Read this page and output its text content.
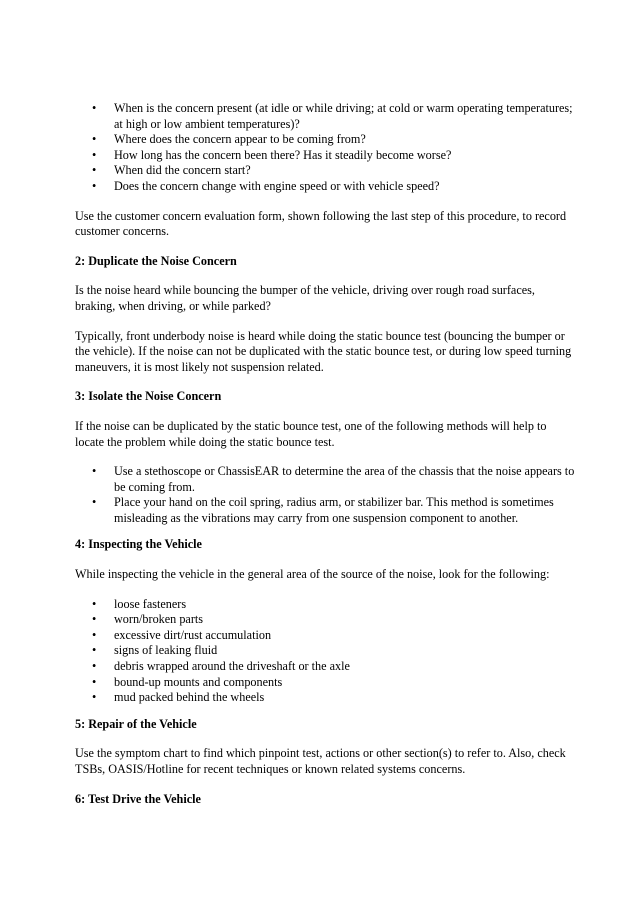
• When is the concern present (at idle or while driving; at cold or warm operating temperatures; at high or low ambient temperatures)?
• Where does the concern appear to be coming from?
• How long has the concern been there? Has it steadily become worse?
• When did the concern start?
• Does the concern change with engine speed or with vehicle speed?

Use the customer concern evaluation form, shown following the last step of this procedure, to record customer concerns.

2: Duplicate the Noise Concern

Is the noise heard while bouncing the bumper of the vehicle, driving over rough road surfaces, braking, when driving, or while parked?

Typically, front underbody noise is heard while doing the static bounce test (bouncing the bumper or the vehicle). If the noise can not be duplicated with the static bounce test, or during low speed turning maneuvers, it is most likely not suspension related.

3: Isolate the Noise Concern

If the noise can be duplicated by the static bounce test, one of the following methods will help to locate the problem while doing the static bounce test.

• Use a stethoscope or ChassisEAR to determine the area of the chassis that the noise appears to be coming from.
• Place your hand on the coil spring, radius arm, or stabilizer bar. This method is sometimes misleading as the vibrations may carry from one suspension component to another.

4: Inspecting the Vehicle

While inspecting the vehicle in the general area of the source of the noise, look for the following:

• loose fasteners
• worn/broken parts
• excessive dirt/rust accumulation
• signs of leaking fluid
• debris wrapped around the driveshaft or the axle
• bound-up mounts and components
• mud packed behind the wheels

5: Repair of the Vehicle

Use the symptom chart to find which pinpoint test, actions or other section(s) to refer to. Also, check TSBs, OASIS/Hotline for recent techniques or known related systems concerns.

6: Test Drive the Vehicle
